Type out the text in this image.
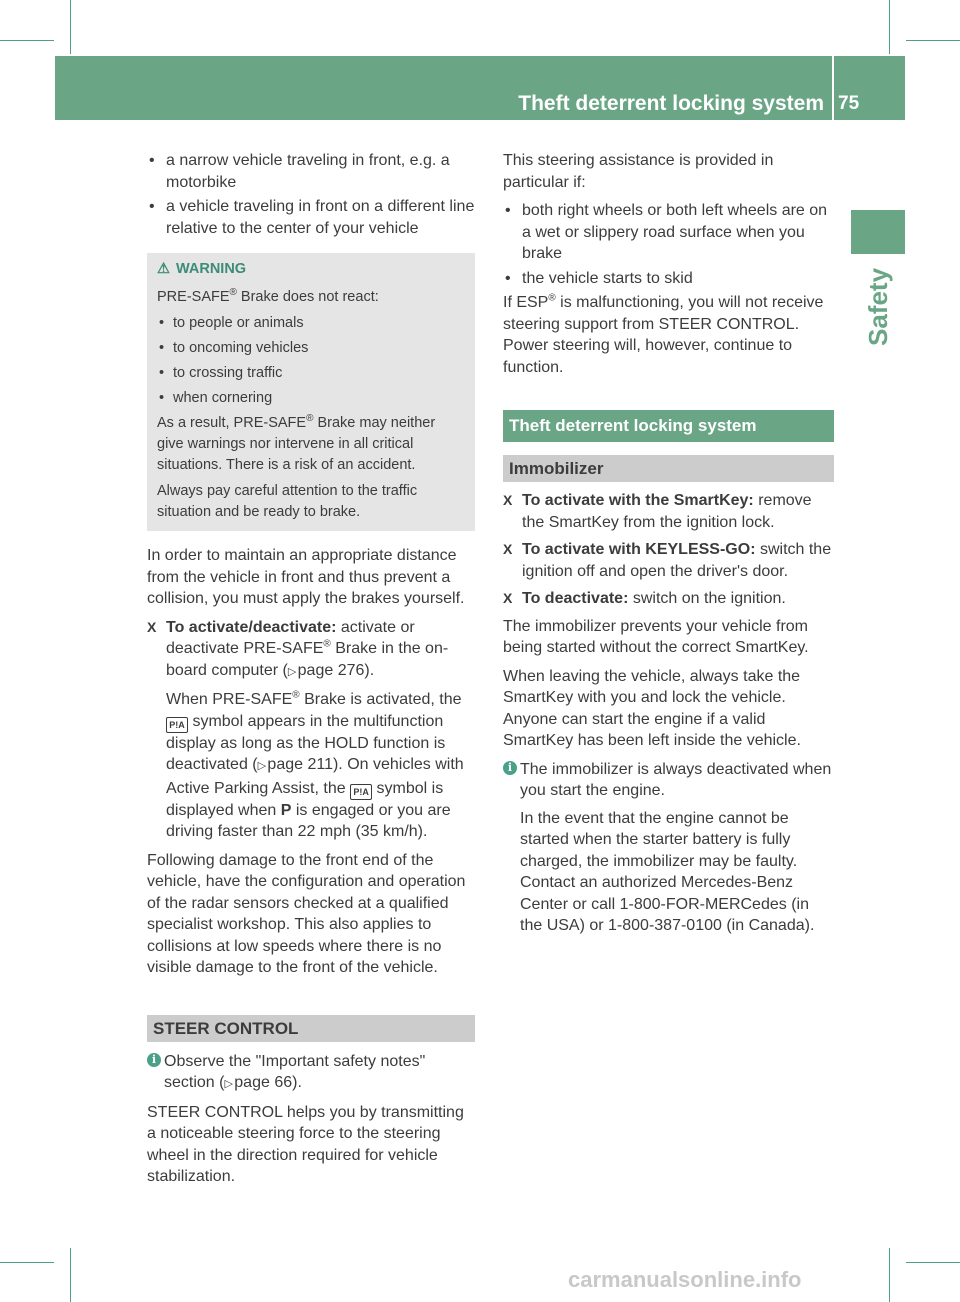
Theft deterrent locking system 75
Safety
• a narrow vehicle traveling in front, e.g. a motorbike
• a vehicle traveling in front on a different line relative to the center of your vehicle
⚠ WARNING

PRE-SAFE® Brake does not react:

• to people or animals
• to oncoming vehicles
• to crossing traffic
• when cornering

As a result, PRE-SAFE® Brake may neither give warnings nor intervene in all critical situations. There is a risk of an accident.

Always pay careful attention to the traffic situation and be ready to brake.

In order to maintain an appropriate distance from the vehicle in front and thus prevent a collision, you must apply the brakes yourself.

X To activate/deactivate: activate or deactivate PRE-SAFE® Brake in the on-board computer (▷ page 276).
When PRE-SAFE® Brake is activated, the P!A symbol appears in the multifunction display as long as the HOLD function is deactivated (▷ page 211). On vehicles with Active Parking Assist, the P!A symbol is displayed when P is engaged or you are driving faster than 22 mph (35 km/h).

Following damage to the front end of the vehicle, have the configuration and operation of the radar sensors checked at a qualified specialist workshop. This also applies to collisions at low speeds where there is no visible damage to the front of the vehicle.

STEER CONTROL
i Observe the "Important safety notes" section (▷ page 66).

STEER CONTROL helps you by transmitting a noticeable steering force to the steering wheel in the direction required for vehicle stabilization.

This steering assistance is provided in particular if:

• both right wheels or both left wheels are on a wet or slippery road surface when you brake
• the vehicle starts to skid

If ESP® is malfunctioning, you will not receive steering support from STEER CONTROL. Power steering will, however, continue to function.

Theft deterrent locking system
Immobilizer
X To activate with the SmartKey: remove the SmartKey from the ignition lock.
X To activate with KEYLESS-GO: switch the ignition off and open the driver's door.
X To deactivate: switch on the ignition.

The immobilizer prevents your vehicle from being started without the correct SmartKey.

When leaving the vehicle, always take the SmartKey with you and lock the vehicle. Anyone can start the engine if a valid SmartKey has been left inside the vehicle.

i The immobilizer is always deactivated when you start the engine.
In the event that the engine cannot be started when the starter battery is fully charged, the immobilizer may be faulty. Contact an authorized Mercedes-Benz Center or call 1-800-FOR-MERCedes (in the USA) or 1-800-387-0100 (in Canada).
carmanualsonline.info
